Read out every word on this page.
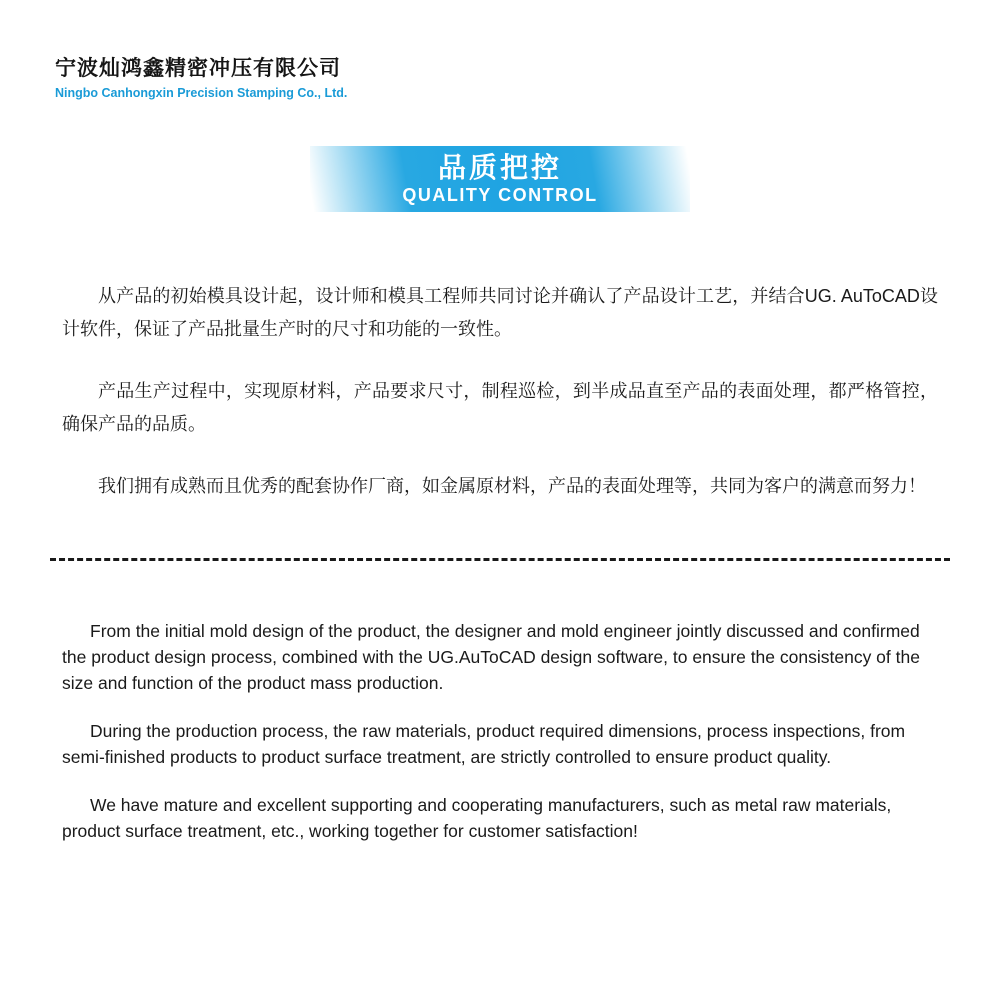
宁波灿鸿鑫精密冲压有限公司
Ningbo Canhongxin Precision Stamping Co., Ltd.
品质把控
QUALITY CONTROL

从产品的初始模具设计起，设计师和模具工程师共同讨论并确认了产品设计工艺，并结合UG. AuToCAD设计软件，保证了产品批量生产时的尺寸和功能的一致性。

产品生产过程中，实现原材料，产品要求尺寸，制程巡检，到半成品直至产品的表面处理，都严格管控，确保产品的品质。

我们拥有成熟而且优秀的配套协作厂商，如金属原材料，产品的表面处理等，共同为客户的满意而努力！

From the initial mold design of the product, the designer and mold engineer jointly discussed and confirmed the product design process, combined with the UG.AuToCAD design software, to ensure the consistency of the size and function of the product mass production.

During the production process, the raw materials, product required dimensions, process inspections, from semi-finished products to product surface treatment, are strictly controlled to ensure product quality.

We have mature and excellent supporting and cooperating manufacturers, such as metal raw materials, product surface treatment, etc., working together for customer satisfaction!
